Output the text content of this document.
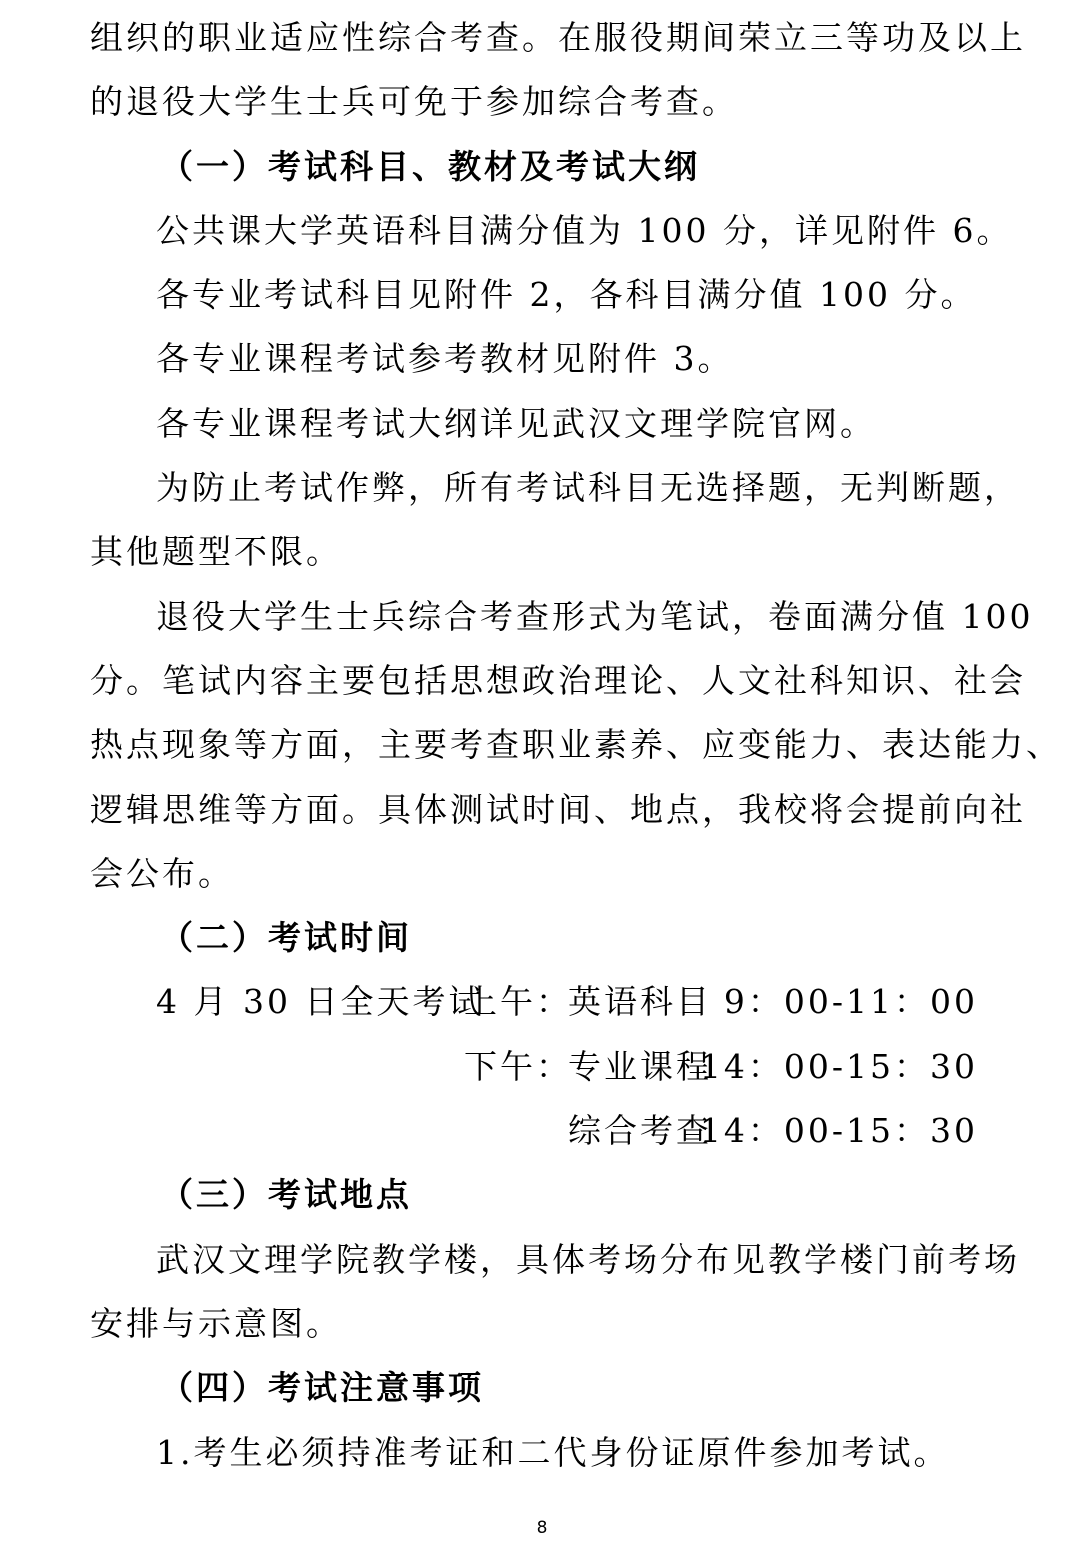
组织的职业适应性综合考查。在服役期间荣立三等功及以上
的退役大学生士兵可免于参加综合考查。
（一）考试科目、教材及考试大纲
公共课大学英语科目满分值为 100 分，详见附件 6。
各专业考试科目见附件 2，各科目满分值 100 分。
各专业课程考试参考教材见附件 3。
各专业课程考试大纲详见武汉文理学院官网。
为防止考试作弊，所有考试科目无选择题，无判断题，
其他题型不限。
退役大学生士兵综合考查形式为笔试，卷面满分值 100
分。笔试内容主要包括思想政治理论、人文社科知识、社会
热点现象等方面，主要考查职业素养、应变能力、表达能力、
逻辑思维等方面。具体测试时间、地点，我校将会提前向社
会公布。
（二）考试时间
4 月 30 日全天考试
上午：
英语科目 9：00-11：00
下午：
专业课程
14：00-15：30
综合考查
14：00-15：30
（三）考试地点
武汉文理学院教学楼，具体考场分布见教学楼门前考场
安排与示意图。
（四）考试注意事项
1.考生必须持准考证和二代身份证原件参加考试。
8
